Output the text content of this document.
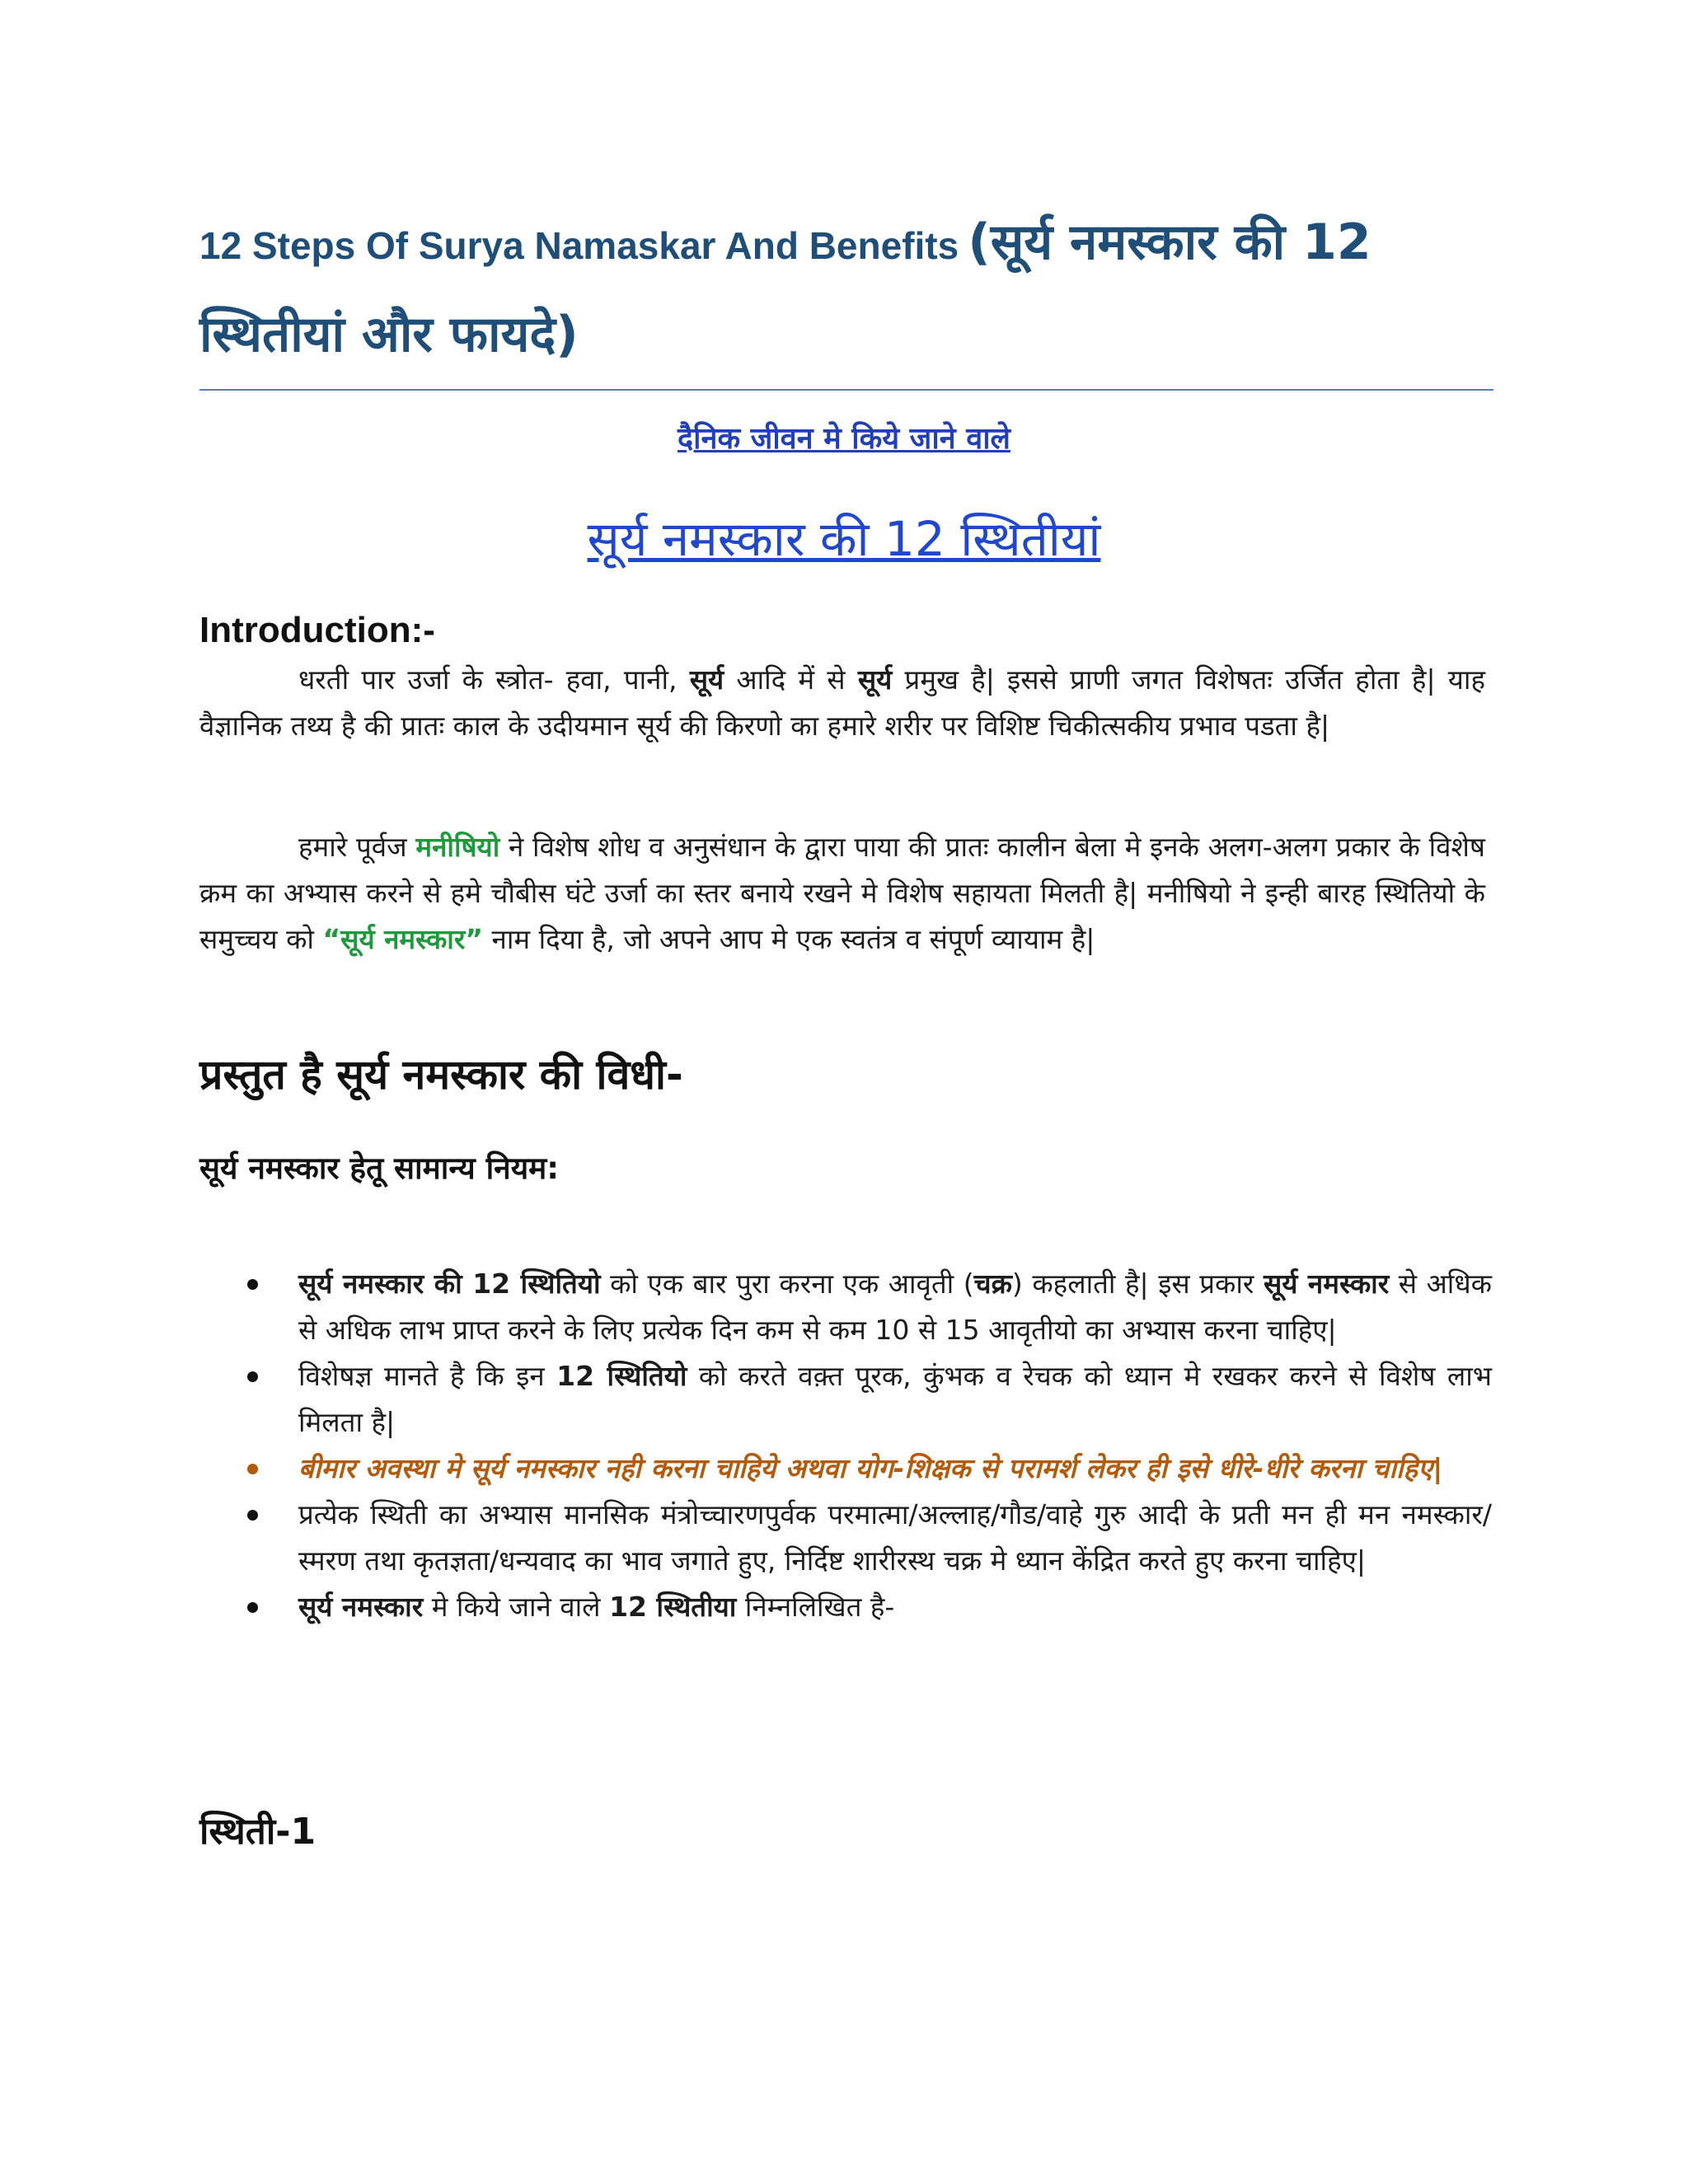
12 Steps Of Surya Namaskar And Benefits (सूर्य नमस्कार की 12
स्थितीयां और फायदे)
दैनिक जीवन मे किये जाने वाले
सूर्य नमस्कार की 12 स्थितीयां
Introduction:-

धरती पार उर्जा के स्त्रोत- हवा, पानी, सूर्य आदि में से सूर्य प्रमुख है| इससे प्राणी जगत विशेषतः उर्जित होता है| याह वैज्ञानिक तथ्य है की प्रातः काल के उदीयमान सूर्य की किरणो का हमारे शरीर पर विशिष्ट चिकीत्सकीय प्रभाव पडता है|

हमारे पूर्वज मनीषियो ने विशेष शोध व अनुसंधान के द्वारा पाया की प्रातः कालीन बेला मे इनके अलग-अलग प्रकार के विशेष क्रम का अभ्यास करने से हमे चौबीस घंटे उर्जा का स्तर बनाये रखने मे विशेष सहायता मिलती है| मनीषियो ने इन्ही बारह स्थितियो के समुच्चय को “सूर्य नमस्कार” नाम दिया है, जो अपने आप मे एक स्वतंत्र व संपूर्ण व्यायाम है|

प्रस्तुत है सूर्य नमस्कार की विधी-
सूर्य नमस्कार हेतू सामान्य नियम:
सूर्य नमस्कार की 12 स्थितियो को एक बार पुरा करना एक आवृती (चक्र) कहलाती है| इस प्रकार सूर्य नमस्कार से अधिक से अधिक लाभ प्राप्त करने के लिए प्रत्येक दिन कम से कम 10 से 15 आवृतीयो का अभ्यास करना चाहिए|
विशेषज्ञ मानते है कि इन 12 स्थितियो को करते वक़्त पूरक, कुंभक व रेचक को ध्यान मे रखकर करने से विशेष लाभ मिलता है|
बीमार अवस्था मे सूर्य नमस्कार नही करना चाहिये अथवा योग-शिक्षक से परामर्श लेकर ही इसे धीरे-धीरे करना चाहिए|
प्रत्येक स्थिती का अभ्यास मानसिक मंत्रोच्चारणपुर्वक परमात्मा/अल्लाह/गौड/वाहे गुरु आदी के प्रती मन ही मन नमस्कार/स्मरण तथा कृतज्ञता/धन्यवाद का भाव जगाते हुए, निर्दिष्ट शारीरस्थ चक्र मे ध्यान केंद्रित करते हुए करना चाहिए|
सूर्य नमस्कार मे किये जाने वाले 12 स्थितीया निम्नलिखित है-
स्थिती-1
